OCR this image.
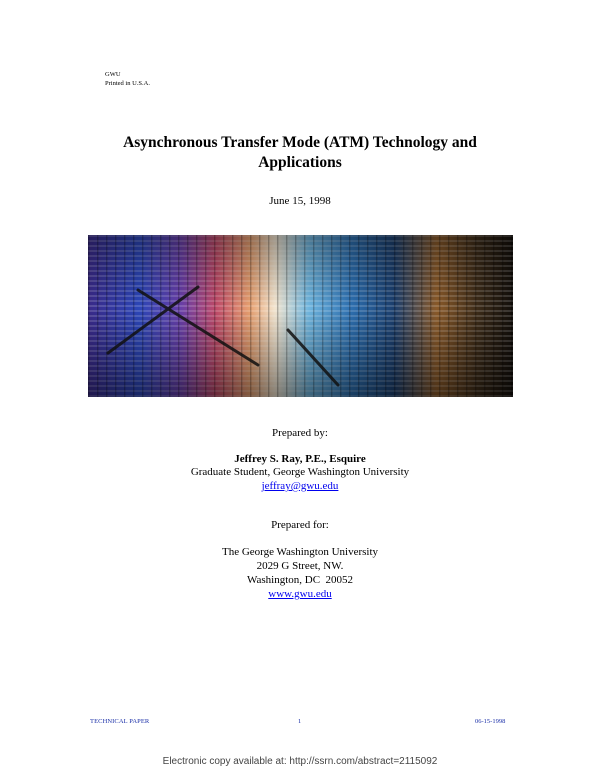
GWU
Printed in U.S.A.
Asynchronous Transfer Mode (ATM) Technology and
Applications
June 15, 1998
Prepared by:
Jeffrey S. Ray, P.E., Esquire
Graduate Student, George Washington University
jeffray@gwu.edu
Prepared for:
The George Washington University
2029 G Street, NW.
Washington, DC  20052
www.gwu.edu
TECHNICAL PAPER	1	06-15-1998
Electronic copy available at: http://ssrn.com/abstract=2115092
